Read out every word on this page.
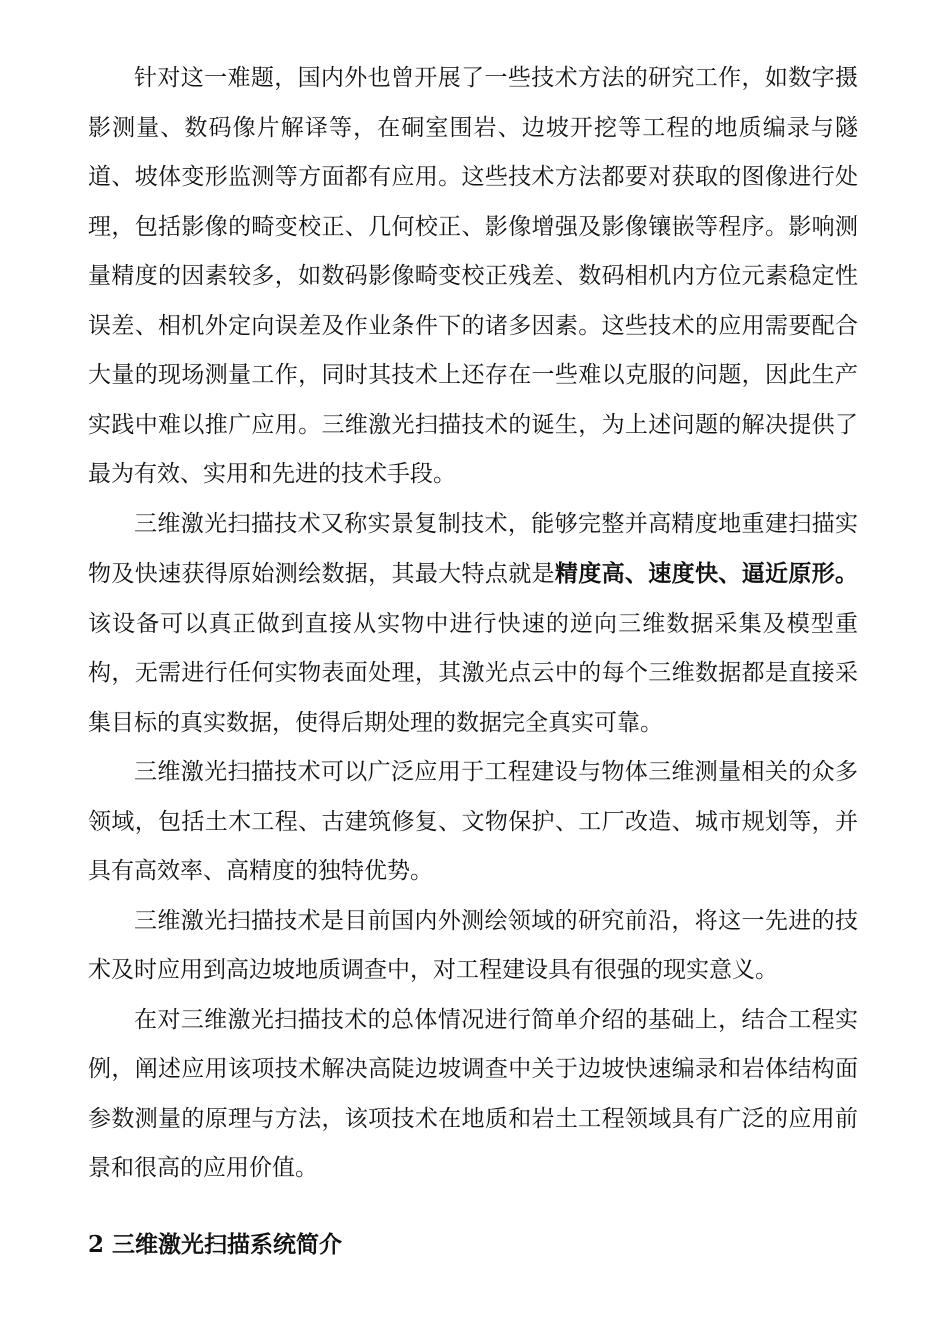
针对这一难题，国内外也曾开展了一些技术方法的研究工作，如数字摄影测量、数码像片解译等，在硐室围岩、边坡开挖等工程的地质编录与隧道、坡体变形监测等方面都有应用。这些技术方法都要对获取的图像进行处理，包括影像的畸变校正、几何校正、影像增强及影像镶嵌等程序。影响测量精度的因素较多，如数码影像畸变校正残差、数码相机内方位元素稳定性误差、相机外定向误差及作业条件下的诸多因素。这些技术的应用需要配合大量的现场测量工作，同时其技术上还存在一些难以克服的问题，因此生产实践中难以推广应用。三维激光扫描技术的诞生，为上述问题的解决提供了最为有效、实用和先进的技术手段。

三维激光扫描技术又称实景复制技术，能够完整并高精度地重建扫描实物及快速获得原始测绘数据，其最大特点就是精度高、速度快、逼近原形。该设备可以真正做到直接从实物中进行快速的逆向三维数据采集及模型重构，无需进行任何实物表面处理，其激光点云中的每个三维数据都是直接采集目标的真实数据，使得后期处理的数据完全真实可靠。

三维激光扫描技术可以广泛应用于工程建设与物体三维测量相关的众多领域，包括土木工程、古建筑修复、文物保护、工厂改造、城市规划等，并具有高效率、高精度的独特优势。

三维激光扫描技术是目前国内外测绘领域的研究前沿，将这一先进的技术及时应用到高边坡地质调查中，对工程建设具有很强的现实意义。

在对三维激光扫描技术的总体情况进行简单介绍的基础上，结合工程实例，阐述应用该项技术解决高陡边坡调查中关于边坡快速编录和岩体结构面参数测量的原理与方法，该项技术在地质和岩土工程领域具有广泛的应用前景和很高的应用价值。

2 三维激光扫描系统简介
